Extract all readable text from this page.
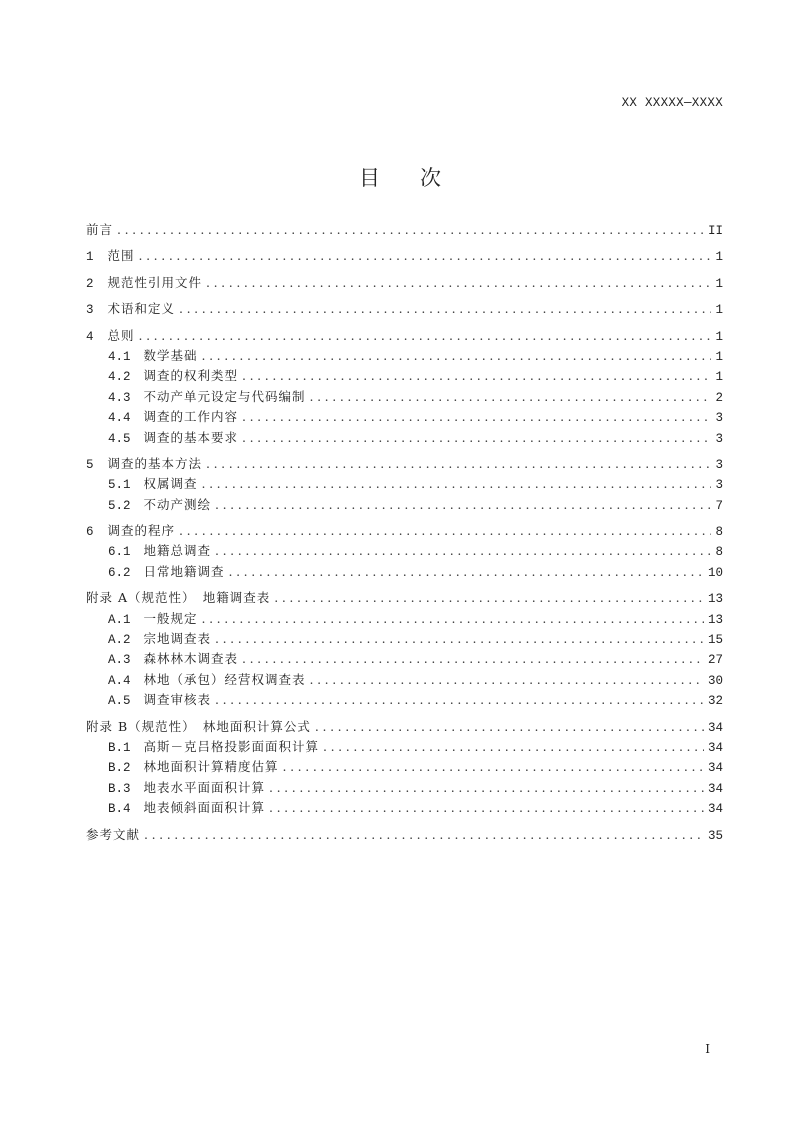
XX XXXXX—XXXX
目 次
前言 .....	II
1 范围 .....	1
2 规范性引用文件 .....	1
3 术语和定义 .....	1
4 总则 .....	1
4.1 数学基础 .....	1
4.2 调查的权利类型 .....	1
4.3 不动产单元设定与代码编制 .....	2
4.4 调查的工作内容 .....	3
4.5 调查的基本要求 .....	3
5 调查的基本方法 .....	3
5.1 权属调查 .....	3
5.2 不动产测绘 .....	7
6 调查的程序 .....	8
6.1 地籍总调查 .....	8
6.2 日常地籍调查 .....	10
附录 A（规范性）　地籍调查表 .....	13
A.1 一般规定 .....	13
A.2 宗地调查表 .....	15
A.3 森林林木调查表 .....	27
A.4 林地（承包）经营权调查表 .....	30
A.5 调查审核表 .....	32
附录 B（规范性）　林地面积计算公式 .....	34
B.1 高斯－克吕格投影面面积计算 .....	34
B.2 林地面积计算精度估算 .....	34
B.3 地表水平面面积计算 .....	34
B.4 地表倾斜面面积计算 .....	34
参考文献 .....	35
I
